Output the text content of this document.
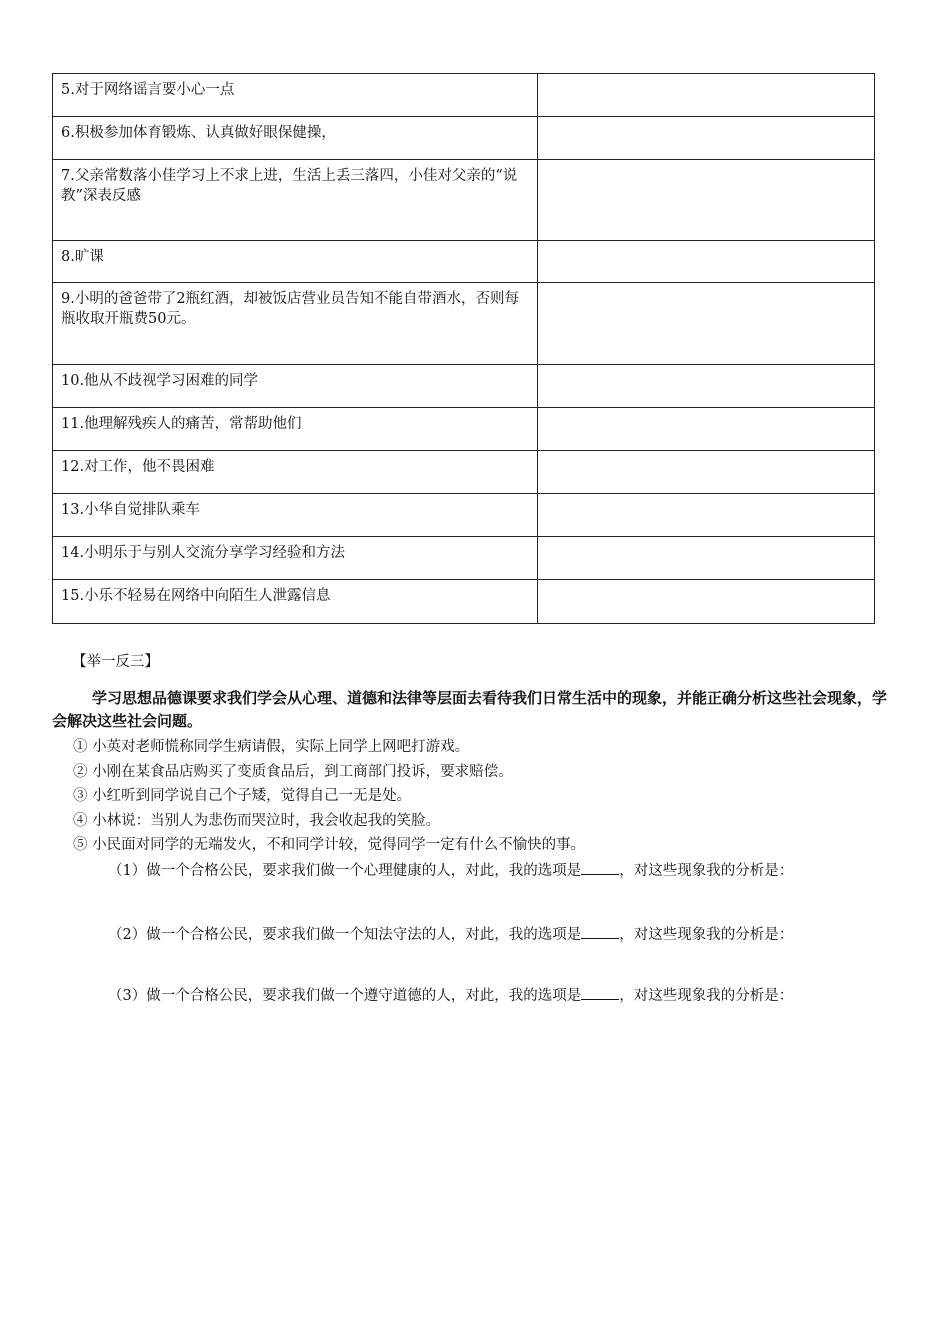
5.对于网络谣言要小心一点	
6.积极参加体育锻炼、认真做好眼保健操，	
7.父亲常数落小佳学习上不求上进，生活上丢三落四，小佳对父亲的“说教”深表反感	
8.旷课	
9.小明的爸爸带了2瓶红酒，却被饭店营业员告知不能自带酒水，否则每瓶收取开瓶费50元。	
10.他从不歧视学习困难的同学	
11.他理解残疾人的痛苦，常帮助他们	
12.对工作，他不畏困难	
13.小华自觉排队乘车	
14.小明乐于与别人交流分享学习经验和方法	
15.小乐不轻易在网络中向陌生人泄露信息	
【举一反三】
学习思想品德课要求我们学会从心理、道德和法律等层面去看待我们日常生活中的现象，并能正确分析这些社会现象，学会解决这些社会问题。
① 小英对老师慌称同学生病请假，实际上同学上网吧打游戏。
② 小刚在某食品店购买了变质食品后，到工商部门投诉，要求赔偿。
③ 小红听到同学说自己个子矮，觉得自己一无是处。
④ 小林说：当别人为悲伤而哭泣时，我会收起我的笑脸。
⑤ 小民面对同学的无端发火，不和同学计较，觉得同学一定有什么不愉快的事。
（1）做一个合格公民，要求我们做一个心理健康的人，对此，我的选项是	，对这些现象我的分析是：
（2）做一个合格公民，要求我们做一个知法守法的人，对此，我的选项是	，对这些现象我的分析是：
（3）做一个合格公民，要求我们做一个遵守道德的人，对此，我的选项是	，对这些现象我的分析是：
